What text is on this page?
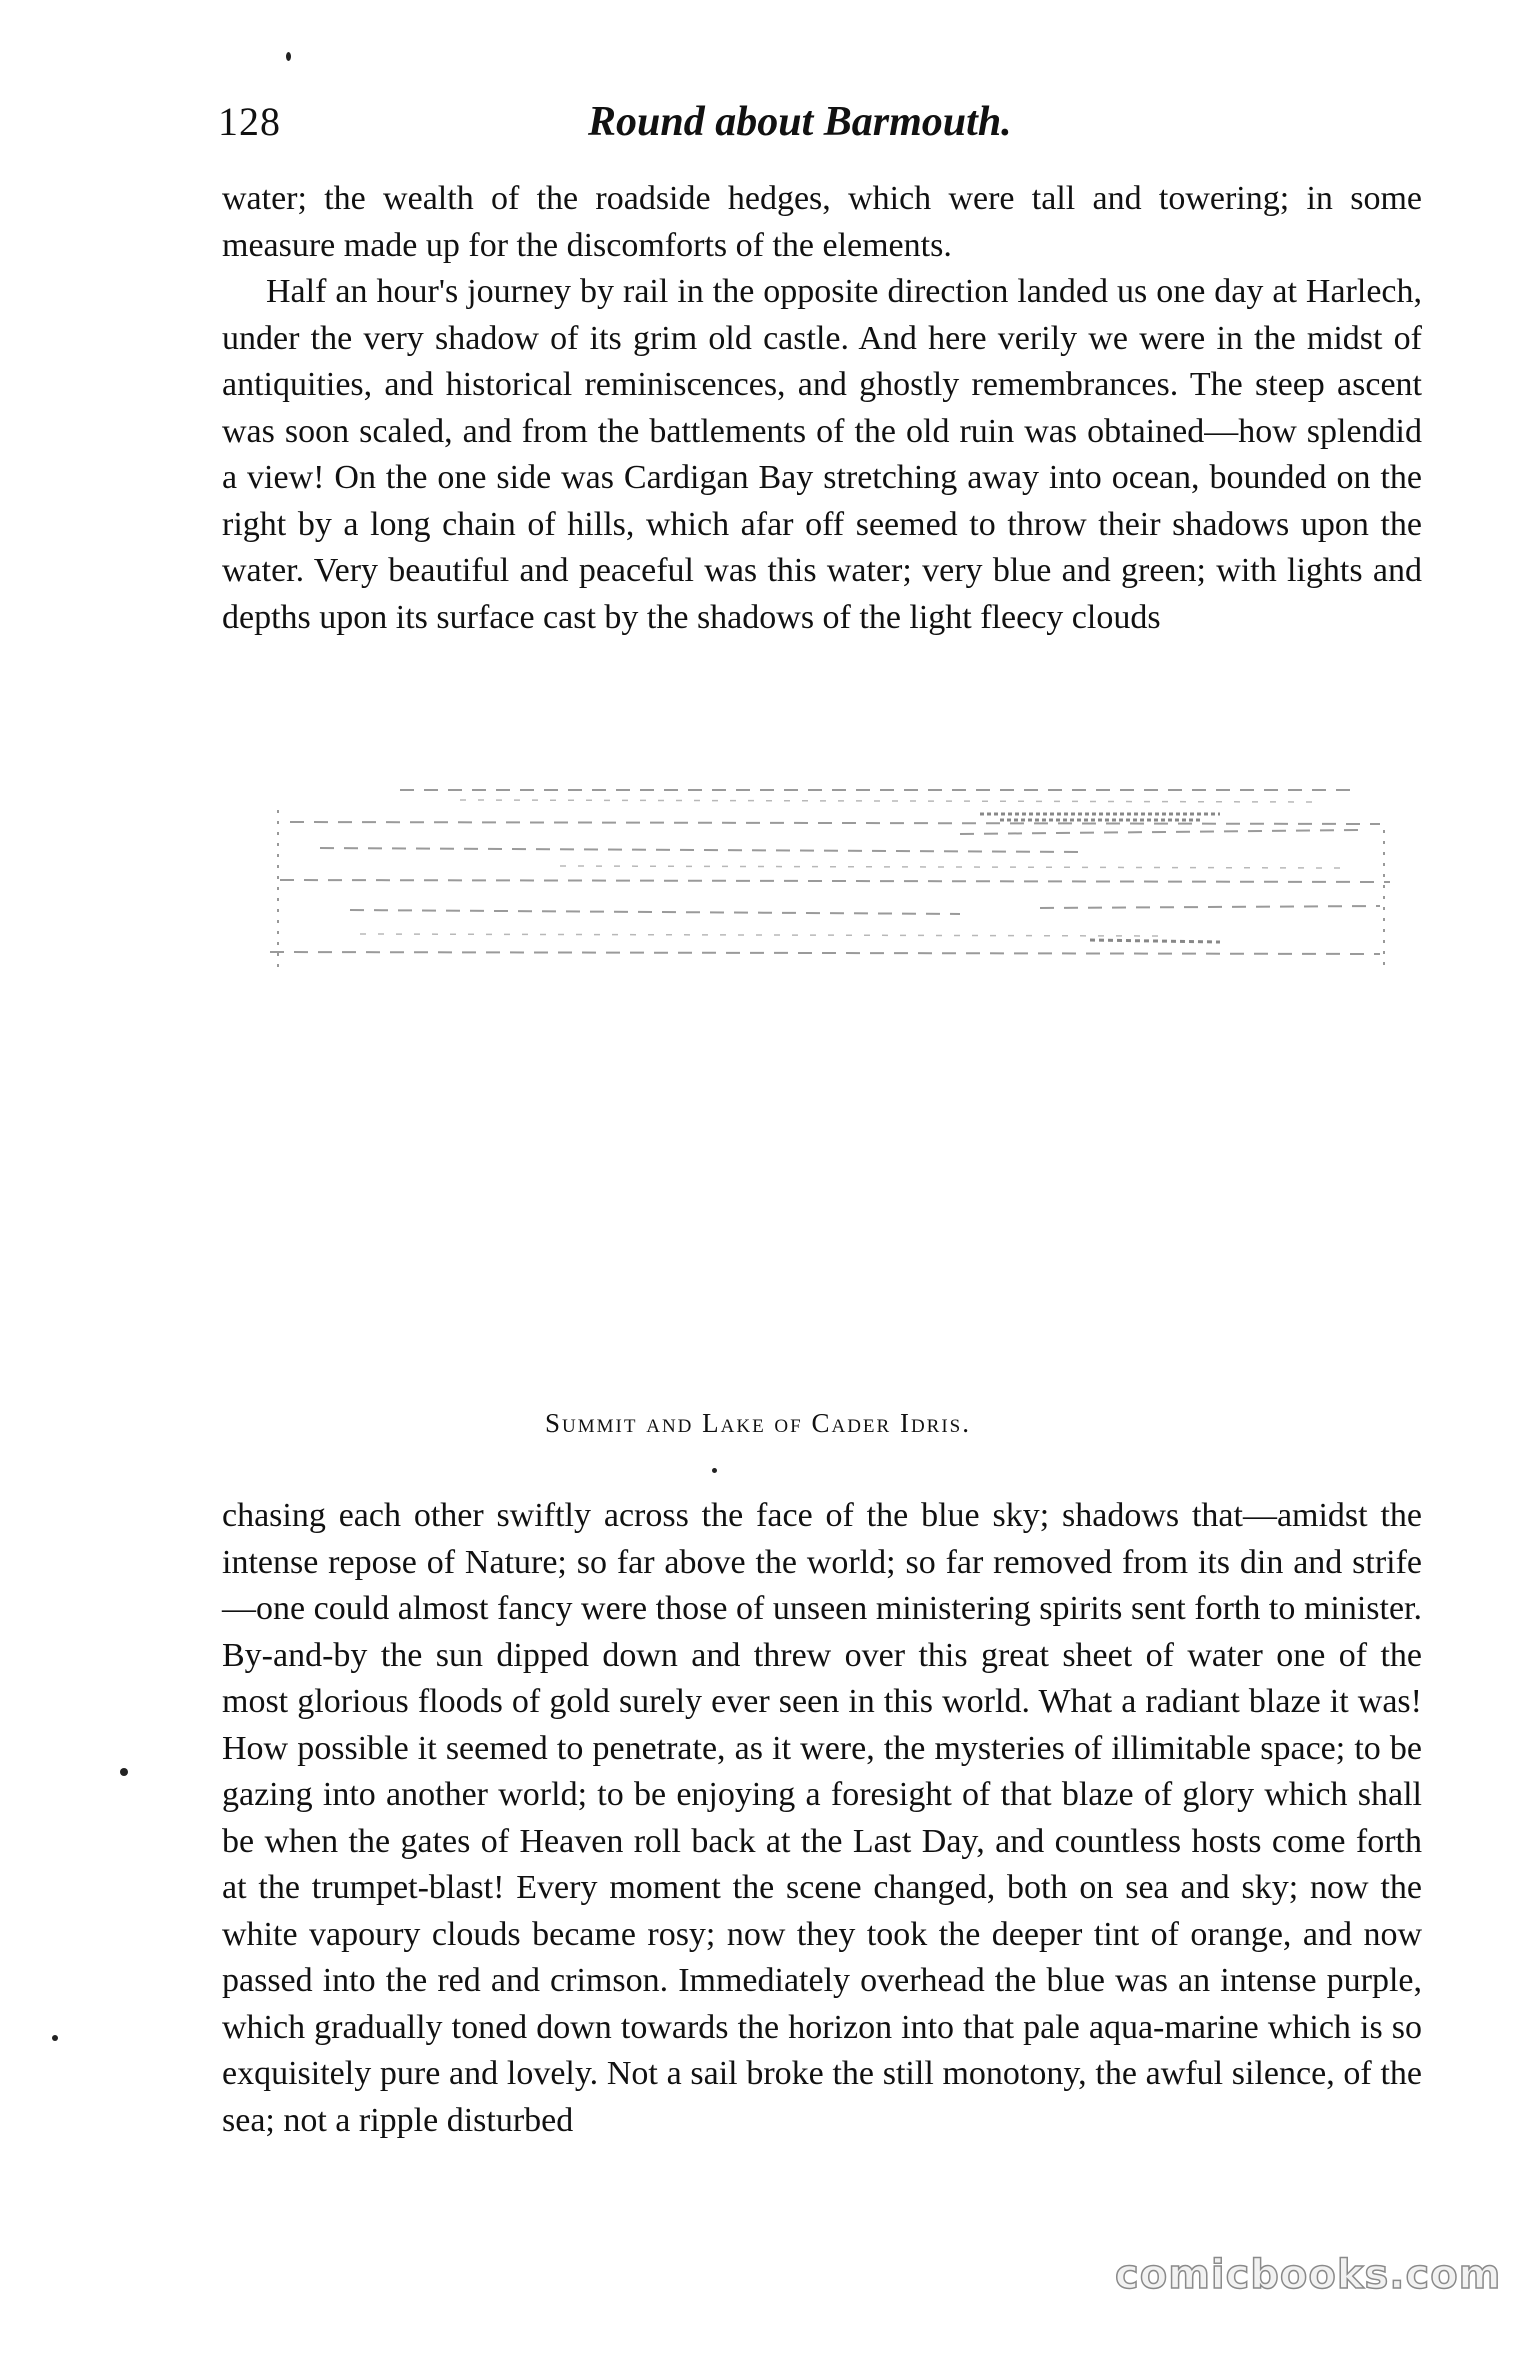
128	Round about Barmouth.

water; the wealth of the roadside hedges, which were tall and towering; in some measure made up for the discomforts of the elements.

Half an hour's journey by rail in the opposite direction landed us one day at Harlech, under the very shadow of its grim old castle. And here verily we were in the midst of antiquities, and historical reminiscences, and ghostly remembrances. The steep ascent was soon scaled, and from the battlements of the old ruin was obtained—how splendid a view! On the one side was Cardigan Bay stretching away into ocean, bounded on the right by a long chain of hills, which afar off seemed to throw their shadows upon the water. Very beautiful and peaceful was this water; very blue and green; with lights and depths upon its surface cast by the shadows of the light fleecy clouds

Summit and Lake of Cader Idris.

chasing each other swiftly across the face of the blue sky; shadows that—amidst the intense repose of Nature; so far above the world; so far removed from its din and strife—one could almost fancy were those of unseen ministering spirits sent forth to minister. By-and-by the sun dipped down and threw over this great sheet of water one of the most glorious floods of gold surely ever seen in this world. What a radiant blaze it was! How possible it seemed to penetrate, as it were, the mysteries of illimitable space; to be gazing into another world; to be enjoying a foresight of that blaze of glory which shall be when the gates of Heaven roll back at the Last Day, and countless hosts come forth at the trumpet-blast! Every moment the scene changed, both on sea and sky; now the white vapoury clouds became rosy; now they took the deeper tint of orange, and now passed into the red and crimson. Immediately overhead the blue was an intense purple, which gradually toned down towards the horizon into that pale aqua-marine which is so exquisitely pure and lovely. Not a sail broke the still monotony, the awful silence, of the sea; not a ripple disturbed

comicbooks.com
